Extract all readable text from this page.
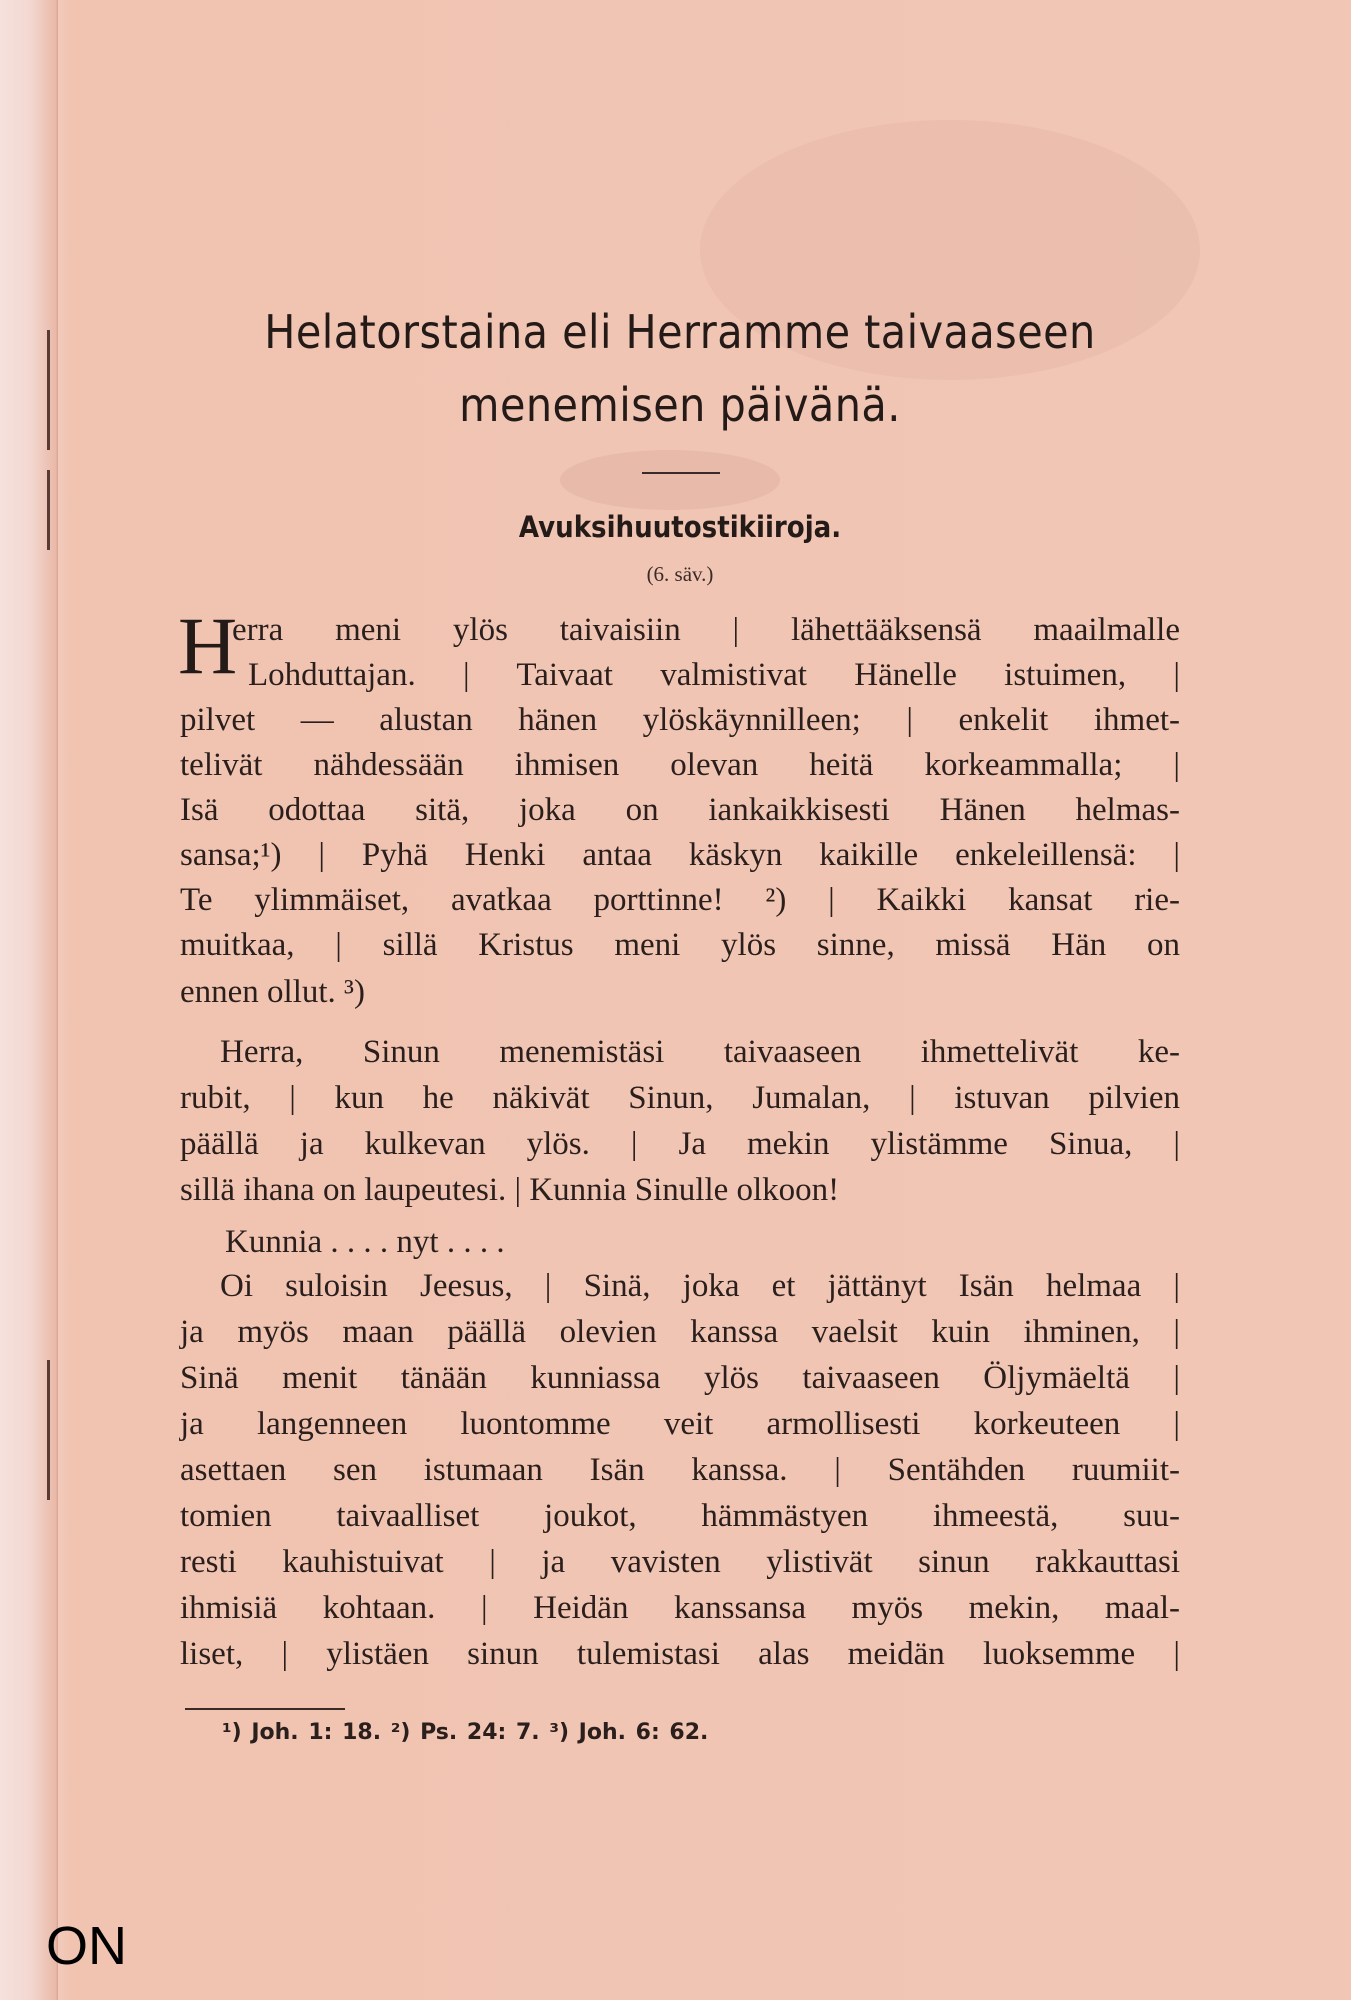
Helatorstaina eli Herramme taivaaseen
menemisen päivänä.
Avuksihuutostikiiroja.
(6. säv.)
H
erra meni ylös taivaisiin | lähettääksensä maailmalle
Lohduttajan. | Taivaat valmistivat Hänelle istuimen, |
pilvet — alustan hänen ylöskäynnilleen; | enkelit ihmet-
telivät nähdessään ihmisen olevan heitä korkeammalla; |
Isä odottaa sitä, joka on iankaikkisesti Hänen helmas-
sansa;¹) | Pyhä Henki antaa käskyn kaikille enkeleillensä: |
Te ylimmäiset, avatkaa porttinne! ²) | Kaikki kansat rie-
muitkaa, | sillä Kristus meni ylös sinne, missä Hän on
ennen ollut. ³)
Herra, Sinun menemistäsi taivaaseen ihmettelivät ke-
rubit, | kun he näkivät Sinun, Jumalan, | istuvan pilvien
päällä ja kulkevan ylös. | Ja mekin ylistämme Sinua, |
sillä ihana on laupeutesi. | Kunnia Sinulle olkoon!
Kunnia . . . . nyt . . . .
Oi suloisin Jeesus, | Sinä, joka et jättänyt Isän helmaa |
ja myös maan päällä olevien kanssa vaelsit kuin ihminen, |
Sinä menit tänään kunniassa ylös taivaaseen Öljymäeltä |
ja langenneen luontomme veit armollisesti korkeuteen |
asettaen sen istumaan Isän kanssa. | Sentähden ruumiit-
tomien taivaalliset joukot, hämmästyen ihmeestä, suu-
resti kauhistuivat | ja vavisten ylistivät sinun rakkauttasi
ihmisiä kohtaan. | Heidän kanssansa myös mekin, maal-
liset, | ylistäen sinun tulemistasi alas meidän luoksemme |
¹) Joh. 1: 18. ²) Ps. 24: 7. ³) Joh. 6: 62.
ON
